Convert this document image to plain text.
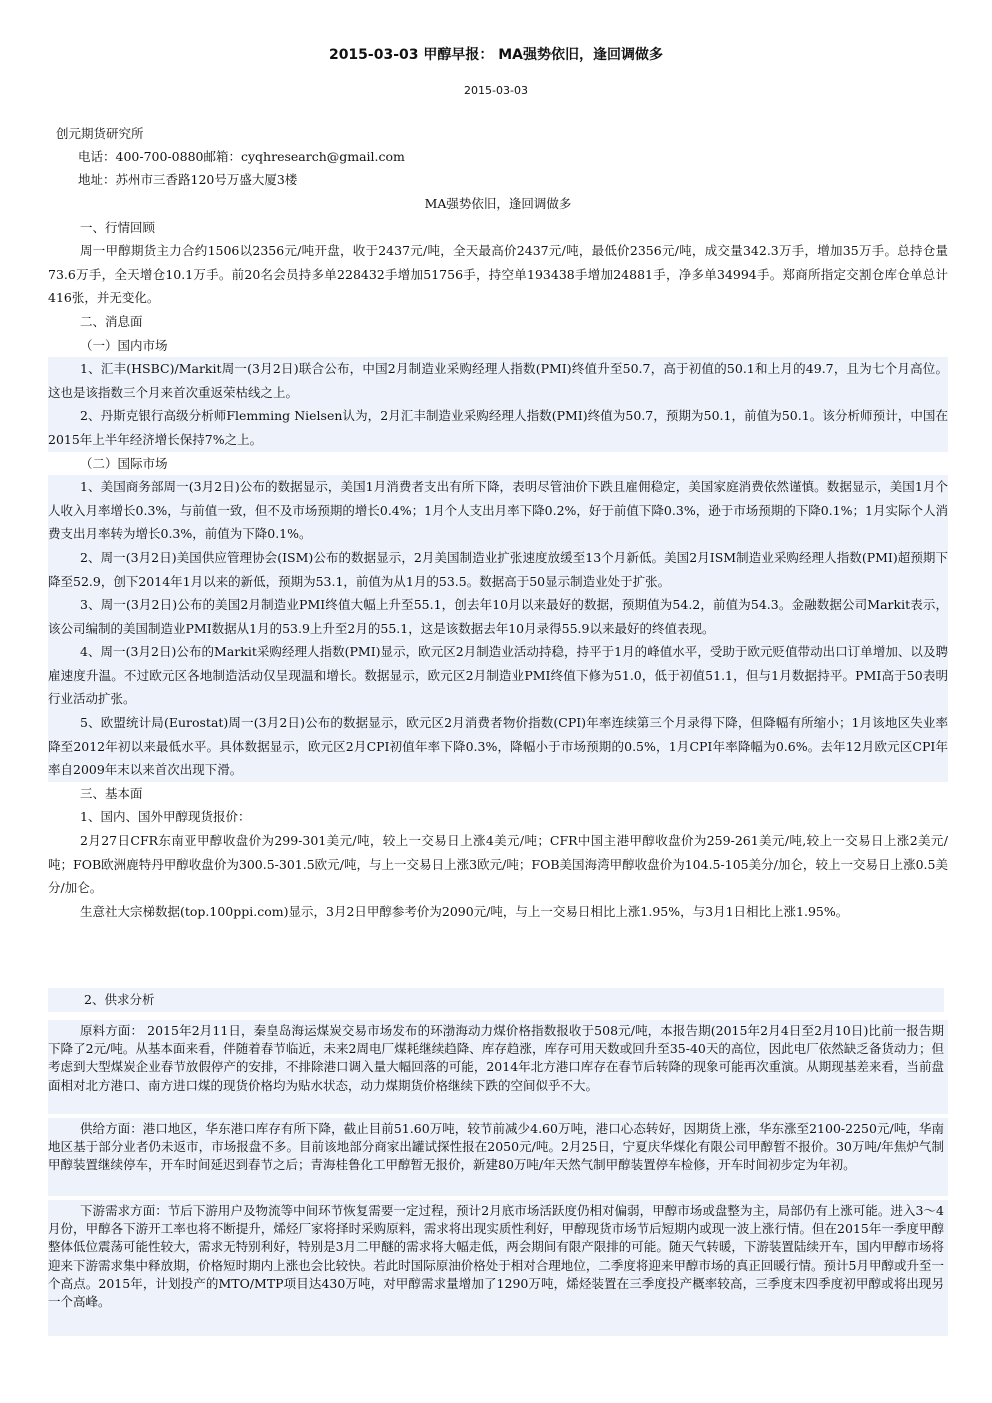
2015-03-03 甲醇早报： MA强势依旧，逢回调做多
2015-03-03
创元期货研究所
电话：400-700-0880邮箱：cyqhresearch@gmail.com
地址：苏州市三香路120号万盛大厦3楼

MA强势依旧，逢回调做多

一、行情回顾

周一甲醇期货主力合约1506以2356元/吨开盘，收于2437元/吨，全天最高价2437元/吨，最低价2356元/吨，成交量342.3万手，增加35万手。总持仓量73.6万手，全天增仓10.1万手。前20名会员持多单228432手增加51756手，持空单193438手增加24881手，净多单34994手。郑商所指定交割仓库仓单总计416张，并无变化。

二、消息面

（一）国内市场

1、汇丰(HSBC)/Markit周一(3月2日)联合公布，中国2月制造业采购经理人指数(PMI)终值升至50.7，高于初值的50.1和上月的49.7，且为七个月高位。这也是该指数三个月来首次重返荣枯线之上。

2、丹斯克银行高级分析师Flemming Nielsen认为，2月汇丰制造业采购经理人指数(PMI)终值为50.7，预期为50.1，前值为50.1。该分析师预计，中国在2015年上半年经济增长保持7%之上。

（二）国际市场

1、美国商务部周一(3月2日)公布的数据显示，美国1月消费者支出有所下降，表明尽管油价下跌且雇佣稳定，美国家庭消费依然谨慎。数据显示，美国1月个人收入月率增长0.3%，与前值一致，但不及市场预期的增长0.4%；1月个人支出月率下降0.2%，好于前值下降0.3%，逊于市场预期的下降0.1%；1月实际个人消费支出月率转为增长0.3%，前值为下降0.1%。

2、周一(3月2日)美国供应管理协会(ISM)公布的数据显示，2月美国制造业扩张速度放缓至13个月新低。美国2月ISM制造业采购经理人指数(PMI)超预期下降至52.9，创下2014年1月以来的新低，预期为53.1，前值为从1月的53.5。数据高于50显示制造业处于扩张。

3、周一(3月2日)公布的美国2月制造业PMI终值大幅上升至55.1，创去年10月以来最好的数据，预期值为54.2，前值为54.3。金融数据公司Markit表示，该公司编制的美国制造业PMI数据从1月的53.9上升至2月的55.1，这是该数据去年10月录得55.9以来最好的终值表现。

4、周一(3月2日)公布的Markit采购经理人指数(PMI)显示，欧元区2月制造业活动持稳，持平于1月的峰值水平，受助于欧元贬值带动出口订单增加、以及聘雇速度升温。不过欧元区各地制造活动仅呈现温和增长。数据显示，欧元区2月制造业PMI终值下修为51.0，低于初值51.1，但与1月数据持平。PMI高于50表明行业活动扩张。

5、欧盟统计局(Eurostat)周一(3月2日)公布的数据显示，欧元区2月消费者物价指数(CPI)年率连续第三个月录得下降，但降幅有所缩小；1月该地区失业率降至2012年初以来最低水平。具体数据显示，欧元区2月CPI初值年率下降0.3%，降幅小于市场预期的0.5%，1月CPI年率降幅为0.6%。去年12月欧元区CPI年率自2009年末以来首次出现下滑。

三、基本面

1、国内、国外甲醇现货报价：

2月27日CFR东南亚甲醇收盘价为299-301美元/吨，较上一交易日上涨4美元/吨；CFR中国主港甲醇收盘价为259-261美元/吨,较上一交易日上涨2美元/吨；FOB欧洲鹿特丹甲醇收盘价为300.5-301.5欧元/吨，与上一交易日上涨3欧元/吨；FOB美国海湾甲醇收盘价为104.5-105美分/加仑，较上一交易日上涨0.5美分/加仑。

生意社大宗梯数据(top.100ppi.com)显示，3月2日甲醇参考价为2090元/吨，与上一交易日相比上涨1.95%，与3月1日相比上涨1.95%。

2、供求分析

原料方面： 2015年2月11日，秦皇岛海运煤炭交易市场发布的环渤海动力煤价格指数报收于508元/吨，本报告期(2015年2月4日至2月10日)比前一报告期下降了2元/吨。从基本面来看，伴随着春节临近，未来2周电厂煤耗继续趋降、库存趋涨，库存可用天数或回升至35-40天的高位，因此电厂依然缺乏备货动力；但考虑到大型煤炭企业春节放假停产的安排，不排除港口调入量大幅回落的可能，2014年北方港口库存在春节后转降的现象可能再次重演。从期现基差来看，当前盘面相对北方港口、南方进口煤的现货价格均为贴水状态，动力煤期货价格继续下跌的空间似乎不大。

供给方面：港口地区，华东港口库存有所下降，截止目前51.60万吨，较节前减少4.60万吨，港口心态转好，因期货上涨，华东涨至2100-2250元/吨，华南地区基于部分业者仍未返市，市场报盘不多。目前该地部分商家出罐试探性报在2050元/吨。2月25日，宁夏庆华煤化有限公司甲醇暂不报价。30万吨/年焦炉气制甲醇装置继续停车，开车时间延迟到春节之后；青海桂鲁化工甲醇暂无报价，新建80万吨/年天然气制甲醇装置停车检修，开车时间初步定为年初。

下游需求方面：节后下游用户及物流等中间环节恢复需要一定过程，预计2月底市场活跃度仍相对偏弱，甲醇市场或盘整为主，局部仍有上涨可能。进入3～4月份，甲醇各下游开工率也将不断提升，烯烃厂家将择时采购原料，需求将出现实质性利好，甲醇现货市场节后短期内或现一波上涨行情。但在2015年一季度甲醇整体低位震荡可能性较大，需求无特别利好，特别是3月二甲醚的需求将大幅走低，两会期间有限产限排的可能。随天气转暖，下游装置陆续开车，国内甲醇市场将迎来下游需求集中释放期，价格短时期内上涨也会比较快。若此时国际原油价格处于相对合理地位，二季度将迎来甲醇市场的真正回暖行情。预计5月甲醇或升至一个高点。2015年，计划投产的MTO/MTP项目达430万吨，对甲醇需求量增加了1290万吨，烯烃装置在三季度投产概率较高，三季度末四季度初甲醇或将出现另一个高峰。
